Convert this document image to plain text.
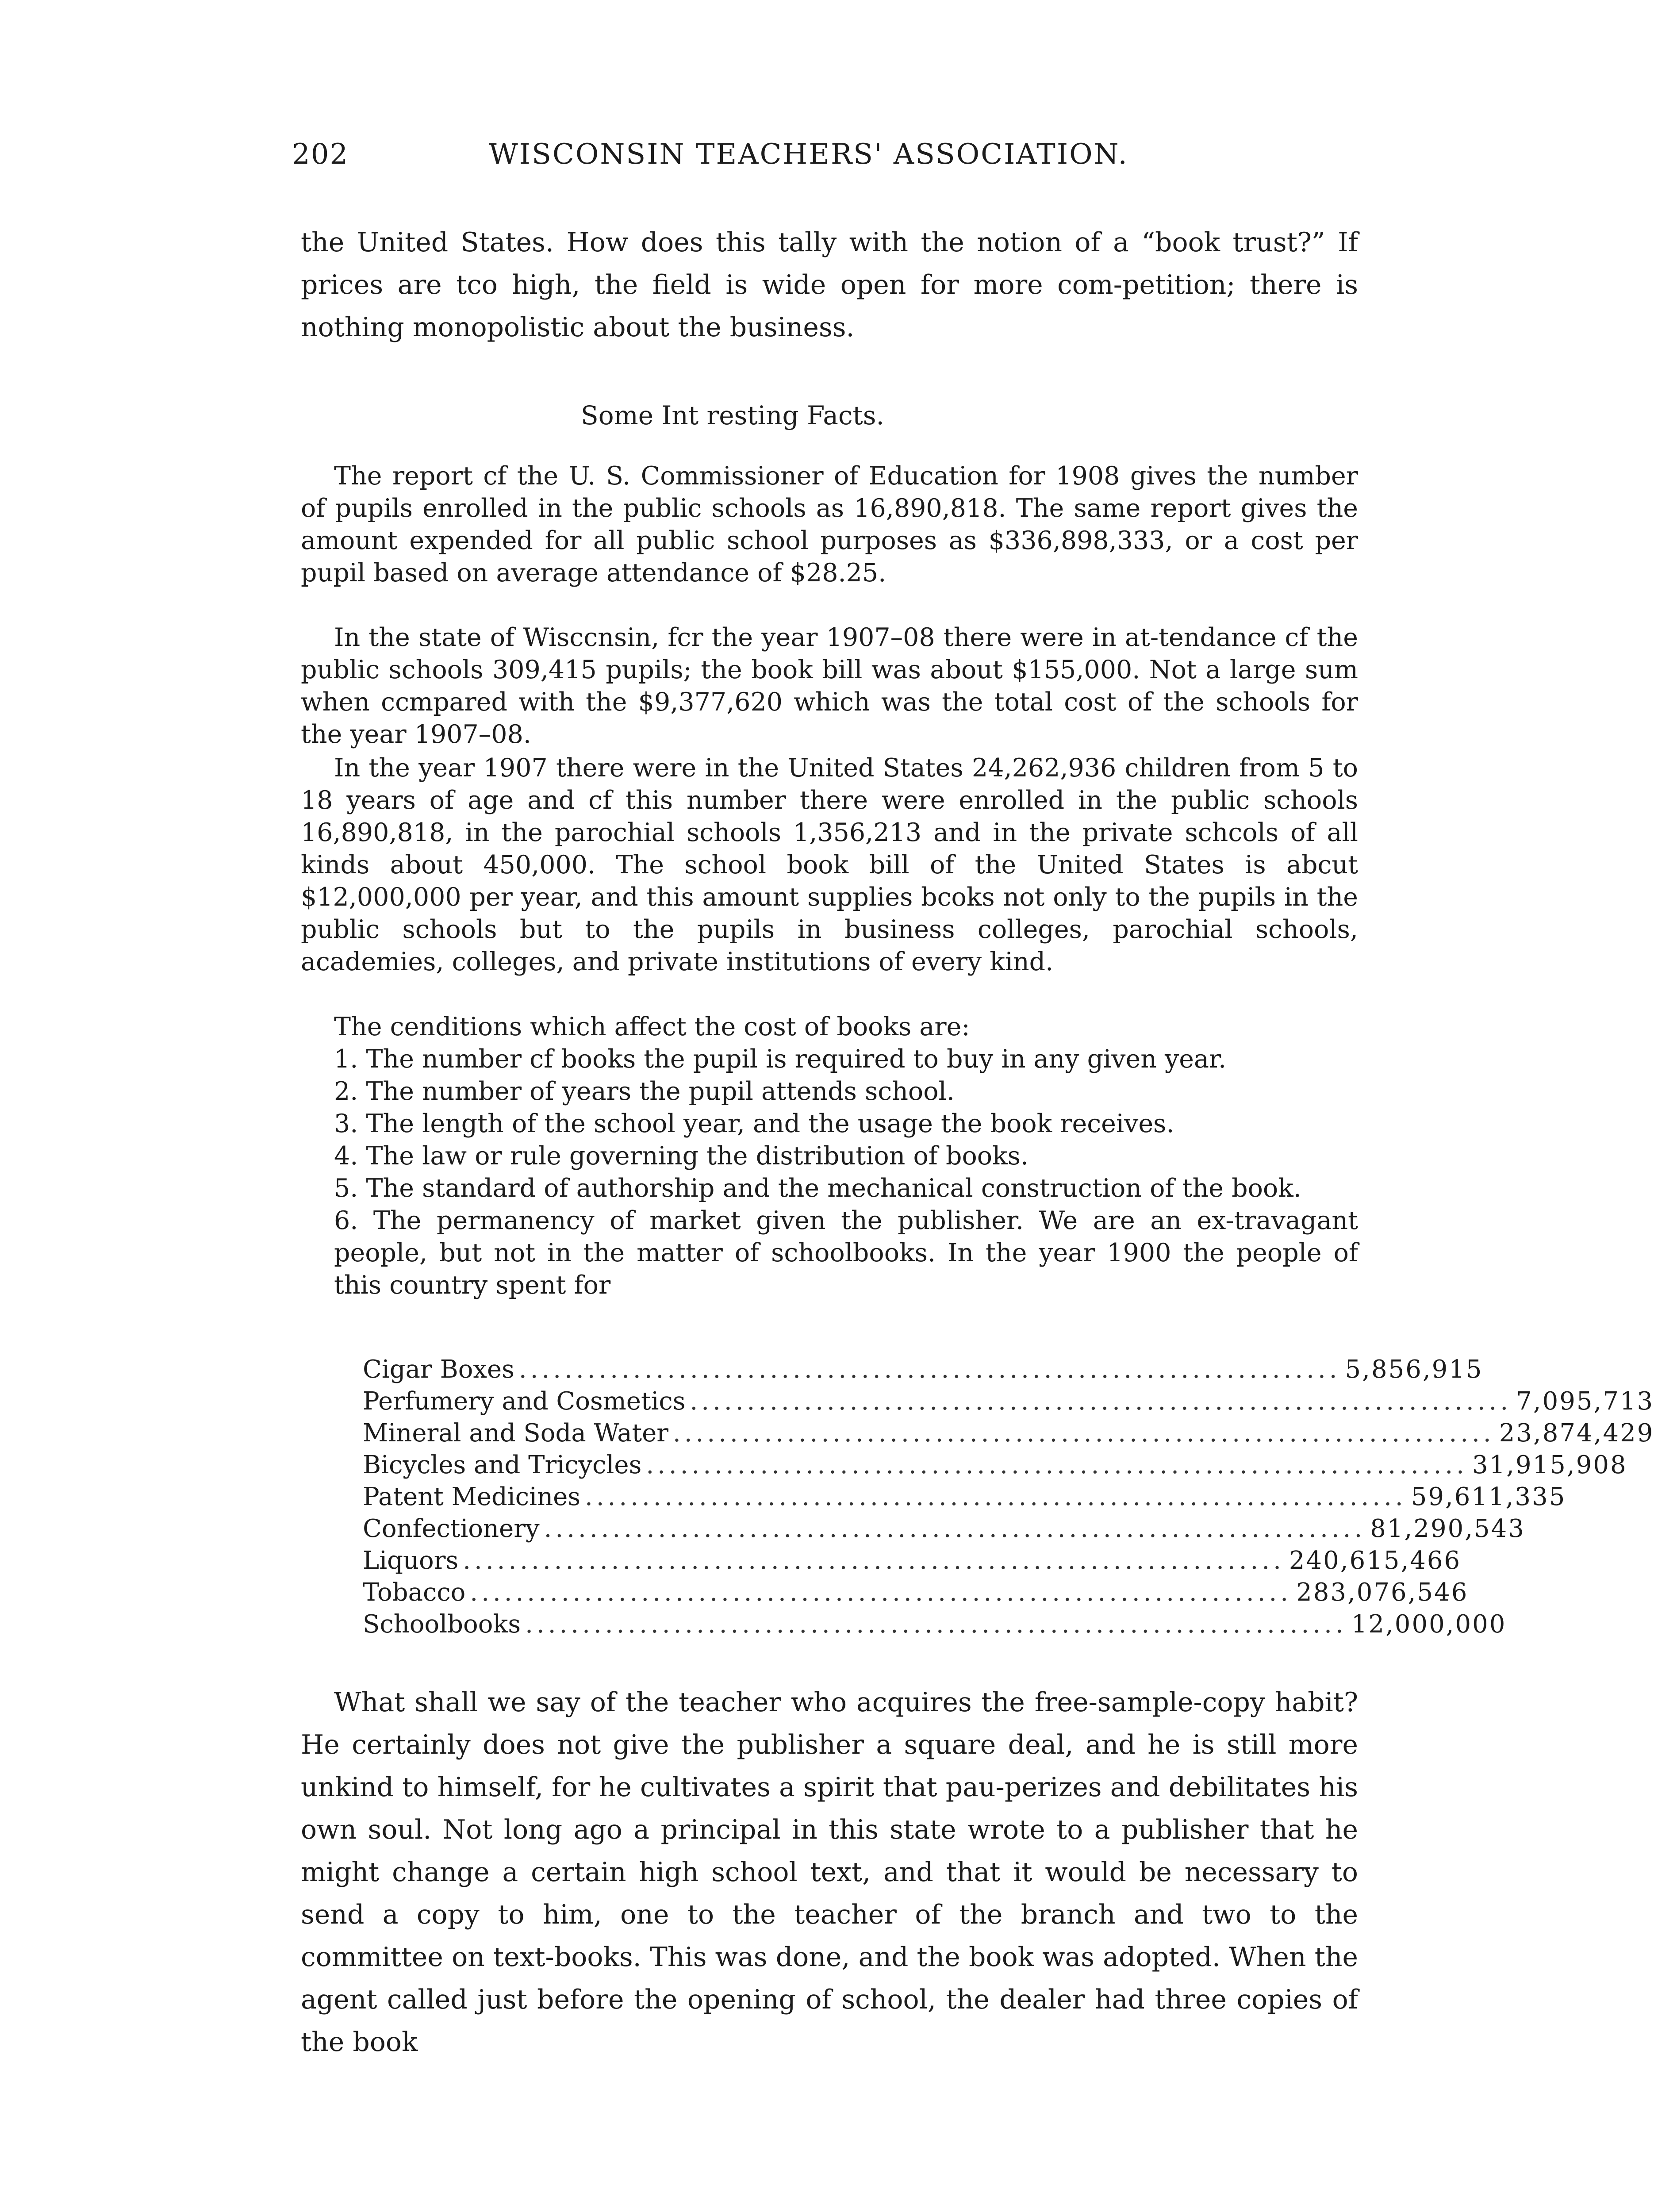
202	WISCONSIN TEACHERS' ASSOCIATION.

the United States. How does this tally with the notion of a “book trust?” If prices are tco high, the field is wide open for more com-petition; there is nothing monopolistic about the business.

Some Int resting Facts.

The report cf the U. S. Commissioner of Education for 1908 gives the number of pupils enrolled in the public schools as 16,890,818. The same report gives the amount expended for all public school purposes as $336,898,333, or a cost per pupil based on average attendance of $28.25.

In the state of Wisccnsin, fcr the year 1907–08 there were in at-tendance cf the public schools 309,415 pupils; the book bill was about $155,000. Not a large sum when ccmpared with the $9,377,620 which was the total cost of the schools for the year 1907–08.

In the year 1907 there were in the United States 24,262,936 children from 5 to 18 years of age and cf this number there were enrolled in the public schools 16,890,818, in the parochial schools 1,356,213 and in the private schcols of all kinds about 450,000. The school book bill of the United States is abcut $12,000,000 per year, and this amount supplies bcoks not only to the pupils in the public schools but to the pupils in business colleges, parochial schools, academies, colleges, and private institutions of every kind.

The cenditions which affect the cost of books are:

1. The number cf books the pupil is required to buy in any given year.
2. The number of years the pupil attends school.
3. The length of the school year, and the usage the book receives.
4. The law or rule governing the distribution of books.
5. The standard of authorship and the mechanical construction of the book.
6. The permanency of market given the publisher. We are an ex-travagant people, but not in the matter of schoolbooks. In the year 1900 the people of this country spent for
Cigar Boxes ........................................................................ 5,856,915
Perfumery and Cosmetics ........................................................................ 7,095,713
Mineral and Soda Water ........................................................................ 23,874,429
Bicycles and Tricycles ........................................................................ 31,915,908
Patent Medicines ........................................................................ 59,611,335
Confectionery ........................................................................ 81,290,543
Liquors ........................................................................ 240,615,466
Tobacco ........................................................................ 283,076,546
Schoolbooks ........................................................................ 12,000,000

What shall we say of the teacher who acquires the free-sample-copy habit? He certainly does not give the publisher a square deal, and he is still more unkind to himself, for he cultivates a spirit that pau-perizes and debilitates his own soul. Not long ago a principal in this state wrote to a publisher that he might change a certain high school text, and that it would be necessary to send a copy to him, one to the teacher of the branch and two to the committee on text-books. This was done, and the book was adopted. When the agent called just before the opening of school, the dealer had three copies of the book
